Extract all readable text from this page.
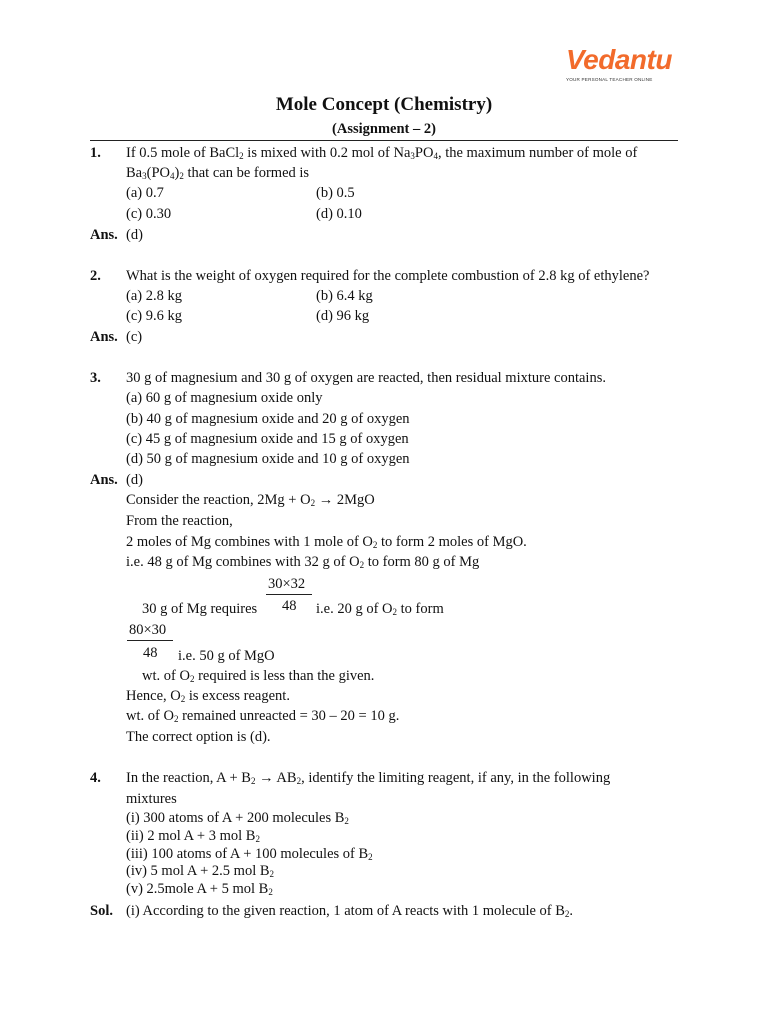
Vedantu
YOUR PERSONAL TEACHER ONLINE
Mole Concept (Chemistry)
(Assignment – 2)
1. If 0.5 mole of BaCl$_2$ is mixed with 0.2 mol of $Na_3PO_4$, the maximum number of mole of
$Ba_3(PO_4)_2$ that can be formed is
(a) 0.7	(b) 0.5
(c) 0.30	(d) 0.10
Ans. (d)
2. What is the weight of oxygen required for the complete combustion of 2.8 kg of ethylene?
(a) 2.8 kg	(b) 6.4 kg
(c) 9.6 kg	(d) 96 kg
Ans. (c)
3. 30 g of magnesium and 30 g of oxygen are reacted, then residual mixture contains.
(a) 60 g of magnesium oxide only
(b) 40 g of magnesium oxide and 20 g of oxygen
(c) 45 g of magnesium oxide and 15 g of oxygen
(d) 50 g of magnesium oxide and 10 g of oxygen
Ans. (d)
Consider the reaction, $2Mg + O_2 \to 2MgO$
From the reaction,
2 moles of Mg combines with 1 mole of $O_2$ to form 2 moles of MgO.
i.e. 48 g of Mg combines with 32 g of $O_2$ to form 80 g of Mg
30×32
48
30 g of Mg requires	i.e. 20 g of $O_2$ to form
80×30
48 i.e. 50 g of MgO
wt. of $O_2$ required is less than the given.
Hence, $O_2$ is excess reagent.
wt. of $O_2$ remained unreacted = 30 – 20 = 10 g.
The correct option is (d).
4. In the reaction, $A + B_2 \to AB_2$, identify the limiting reagent, if any, in the following
mixtures
(i) 300 atoms of A + 200 molecules $B_2$
(ii) 2 mol A + 3 mol $B_2$
(iii) 100 atoms of A + 100 molecules of $B_2$
(iv) 5 mol A + 2.5 mol $B_2$
(v) 2.5mole A + 5 mol $B_2$
Sol. (i) According to the given reaction, 1 atom of A reacts with 1 molecule of $B_2$.
